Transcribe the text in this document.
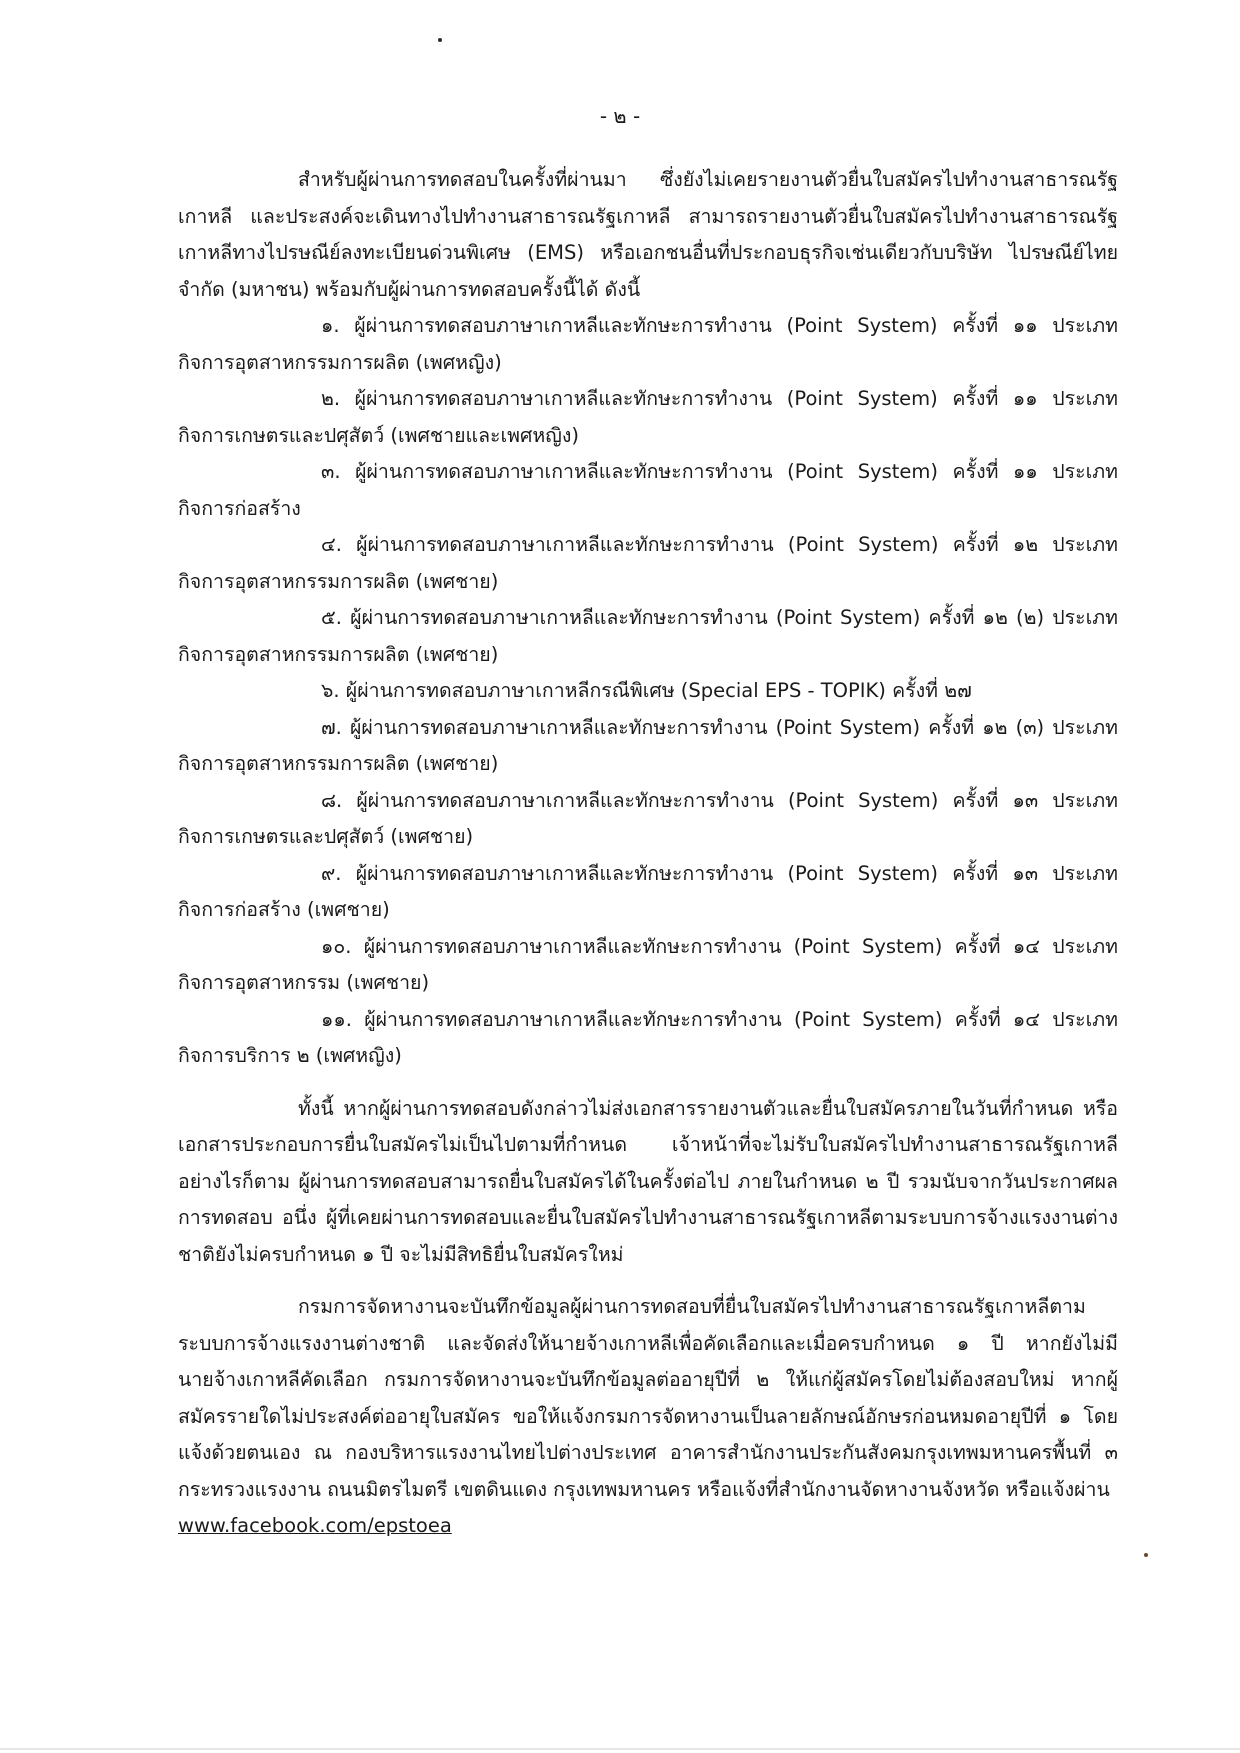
- ๒ -

สำหรับผู้ผ่านการทดสอบในครั้งที่ผ่านมา ซึ่งยังไม่เคยรายงานตัวยื่นใบสมัครไปทำงานสาธารณรัฐเกาหลี และประสงค์จะเดินทางไปทำงานสาธารณรัฐเกาหลี สามารถรายงานตัวยื่นใบสมัครไปทำงานสาธารณรัฐเกาหลีทางไปรษณีย์ลงทะเบียนด่วนพิเศษ (EMS) หรือเอกชนอื่นที่ประกอบธุรกิจเช่นเดียวกับบริษัท ไปรษณีย์ไทย จำกัด (มหาชน) พร้อมกับผู้ผ่านการทดสอบครั้งนี้ได้ ดังนี้

๑. ผู้ผ่านการทดสอบภาษาเกาหลีและทักษะการทำงาน (Point System) ครั้งที่ ๑๑ ประเภทกิจการอุตสาหกรรมการผลิต (เพศหญิง)

๒. ผู้ผ่านการทดสอบภาษาเกาหลีและทักษะการทำงาน (Point System) ครั้งที่ ๑๑ ประเภทกิจการเกษตรและปศุสัตว์ (เพศชายและเพศหญิง)

๓. ผู้ผ่านการทดสอบภาษาเกาหลีและทักษะการทำงาน (Point System) ครั้งที่ ๑๑ ประเภทกิจการก่อสร้าง

๔. ผู้ผ่านการทดสอบภาษาเกาหลีและทักษะการทำงาน (Point System) ครั้งที่ ๑๒ ประเภทกิจการอุตสาหกรรมการผลิต (เพศชาย)

๕. ผู้ผ่านการทดสอบภาษาเกาหลีและทักษะการทำงาน (Point System) ครั้งที่ ๑๒ (๒) ประเภทกิจการอุตสาหกรรมการผลิต (เพศชาย)

๖. ผู้ผ่านการทดสอบภาษาเกาหลีกรณีพิเศษ (Special EPS - TOPIK) ครั้งที่ ๒๗

๗. ผู้ผ่านการทดสอบภาษาเกาหลีและทักษะการทำงาน (Point System) ครั้งที่ ๑๒ (๓) ประเภทกิจการอุตสาหกรรมการผลิต (เพศชาย)

๘. ผู้ผ่านการทดสอบภาษาเกาหลีและทักษะการทำงาน (Point System) ครั้งที่ ๑๓ ประเภทกิจการเกษตรและปศุสัตว์ (เพศชาย)

๙. ผู้ผ่านการทดสอบภาษาเกาหลีและทักษะการทำงาน (Point System) ครั้งที่ ๑๓ ประเภทกิจการก่อสร้าง (เพศชาย)

๑๐. ผู้ผ่านการทดสอบภาษาเกาหลีและทักษะการทำงาน (Point System) ครั้งที่ ๑๔ ประเภทกิจการอุตสาหกรรม (เพศชาย)

๑๑. ผู้ผ่านการทดสอบภาษาเกาหลีและทักษะการทำงาน (Point System) ครั้งที่ ๑๔ ประเภทกิจการบริการ ๒ (เพศหญิง)

ทั้งนี้ หากผู้ผ่านการทดสอบดังกล่าวไม่ส่งเอกสารรายงานตัวและยื่นใบสมัครภายในวันที่กำหนด หรือเอกสารประกอบการยื่นใบสมัครไม่เป็นไปตามที่กำหนด เจ้าหน้าที่จะไม่รับใบสมัครไปทำงานสาธารณรัฐเกาหลี อย่างไรก็ตาม ผู้ผ่านการทดสอบสามารถยื่นใบสมัครได้ในครั้งต่อไป ภายในกำหนด ๒ ปี รวมนับจากวันประกาศผลการทดสอบ อนึ่ง ผู้ที่เคยผ่านการทดสอบและยื่นใบสมัครไปทำงานสาธารณรัฐเกาหลีตามระบบการจ้างแรงงานต่างชาติยังไม่ครบกำหนด ๑ ปี จะไม่มีสิทธิยื่นใบสมัครใหม่

กรมการจัดหางานจะบันทึกข้อมูลผู้ผ่านการทดสอบที่ยื่นใบสมัครไปทำงานสาธารณรัฐเกาหลีตามระบบการจ้างแรงงานต่างชาติ และจัดส่งให้นายจ้างเกาหลีเพื่อคัดเลือกและเมื่อครบกำหนด ๑ ปี หากยังไม่มีนายจ้างเกาหลีคัดเลือก กรมการจัดหางานจะบันทึกข้อมูลต่ออายุปีที่ ๒ ให้แก่ผู้สมัครโดยไม่ต้องสอบใหม่ หากผู้สมัครรายใดไม่ประสงค์ต่ออายุใบสมัคร ขอให้แจ้งกรมการจัดหางานเป็นลายลักษณ์อักษรก่อนหมดอายุปีที่ ๑ โดยแจ้งด้วยตนเอง ณ กองบริหารแรงงานไทยไปต่างประเทศ อาคารสำนักงานประกันสังคมกรุงเทพมหานครพื้นที่ ๓ กระทรวงแรงงาน ถนนมิตรไมตรี เขตดินแดง กรุงเทพมหานคร หรือแจ้งที่สำนักงานจัดหางานจังหวัด หรือแจ้งผ่าน

www.facebook.com/epstoea
